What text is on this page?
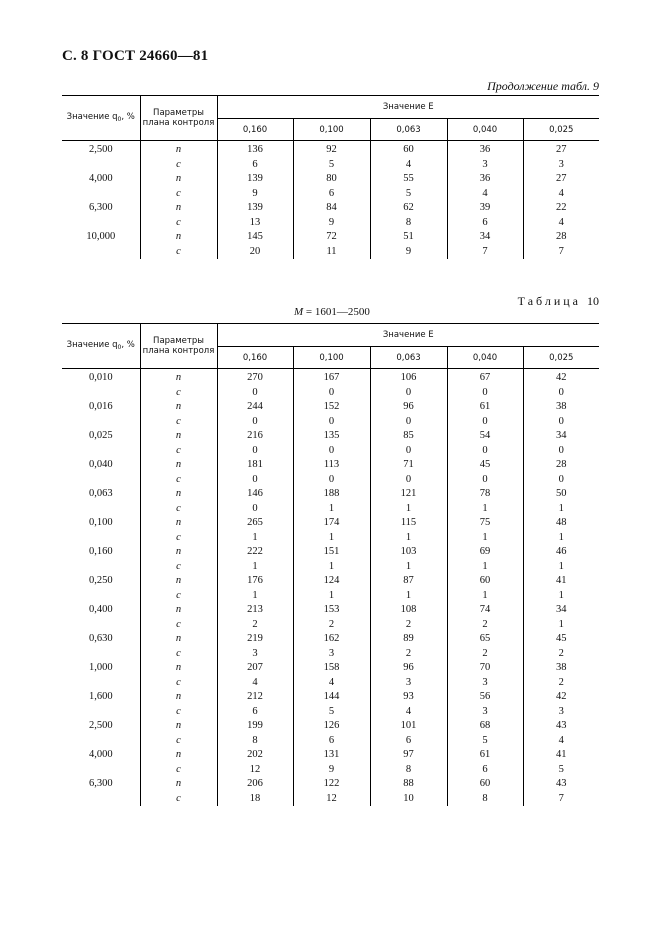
С. 8 ГОСТ 24660—81
Продолжение табл. 9
Значение $q_0$, %	Параметры
плана контроля	Значение E				
		0,160	0,100	0,063	0,040	0,025
2,500	n	136	92	60	36	27
	c	6	5	4	3	3
4,000	n	139	80	55	36	27
	c	9	6	5	4	4
6,300	n	139	84	62	39	22
	c	13	9	8	6	4
10,000	n	145	72	51	34	28
	c	20	11	9	7	7
Таблица 10
M = 1601—2500
Значение $q_0$, %	Параметры
плана контроля	Значение E				
		0,160	0,100	0,063	0,040	0,025
0,010	n	270	167	106	67	42
	c	0	0	0	0	0
0,016	n	244	152	96	61	38
	c	0	0	0	0	0
0,025	n	216	135	85	54	34
	c	0	0	0	0	0
0,040	n	181	113	71	45	28
	c	0	0	0	0	0
0,063	n	146	188	121	78	50
	c	0	1	1	1	1
0,100	n	265	174	115	75	48
	c	1	1	1	1	1
0,160	n	222	151	103	69	46
	c	1	1	1	1	1
0,250	n	176	124	87	60	41
	c	1	1	1	1	1
0,400	n	213	153	108	74	34
	c	2	2	2	2	1
0,630	n	219	162	89	65	45
	c	3	3	2	2	2
1,000	n	207	158	96	70	38
	c	4	4	3	3	2
1,600	n	212	144	93	56	42
	c	6	5	4	3	3
2,500	n	199	126	101	68	43
	c	8	6	6	5	4
4,000	n	202	131	97	61	41
	c	12	9	8	6	5
6,300	n	206	122	88	60	43
	c	18	12	10	8	7
